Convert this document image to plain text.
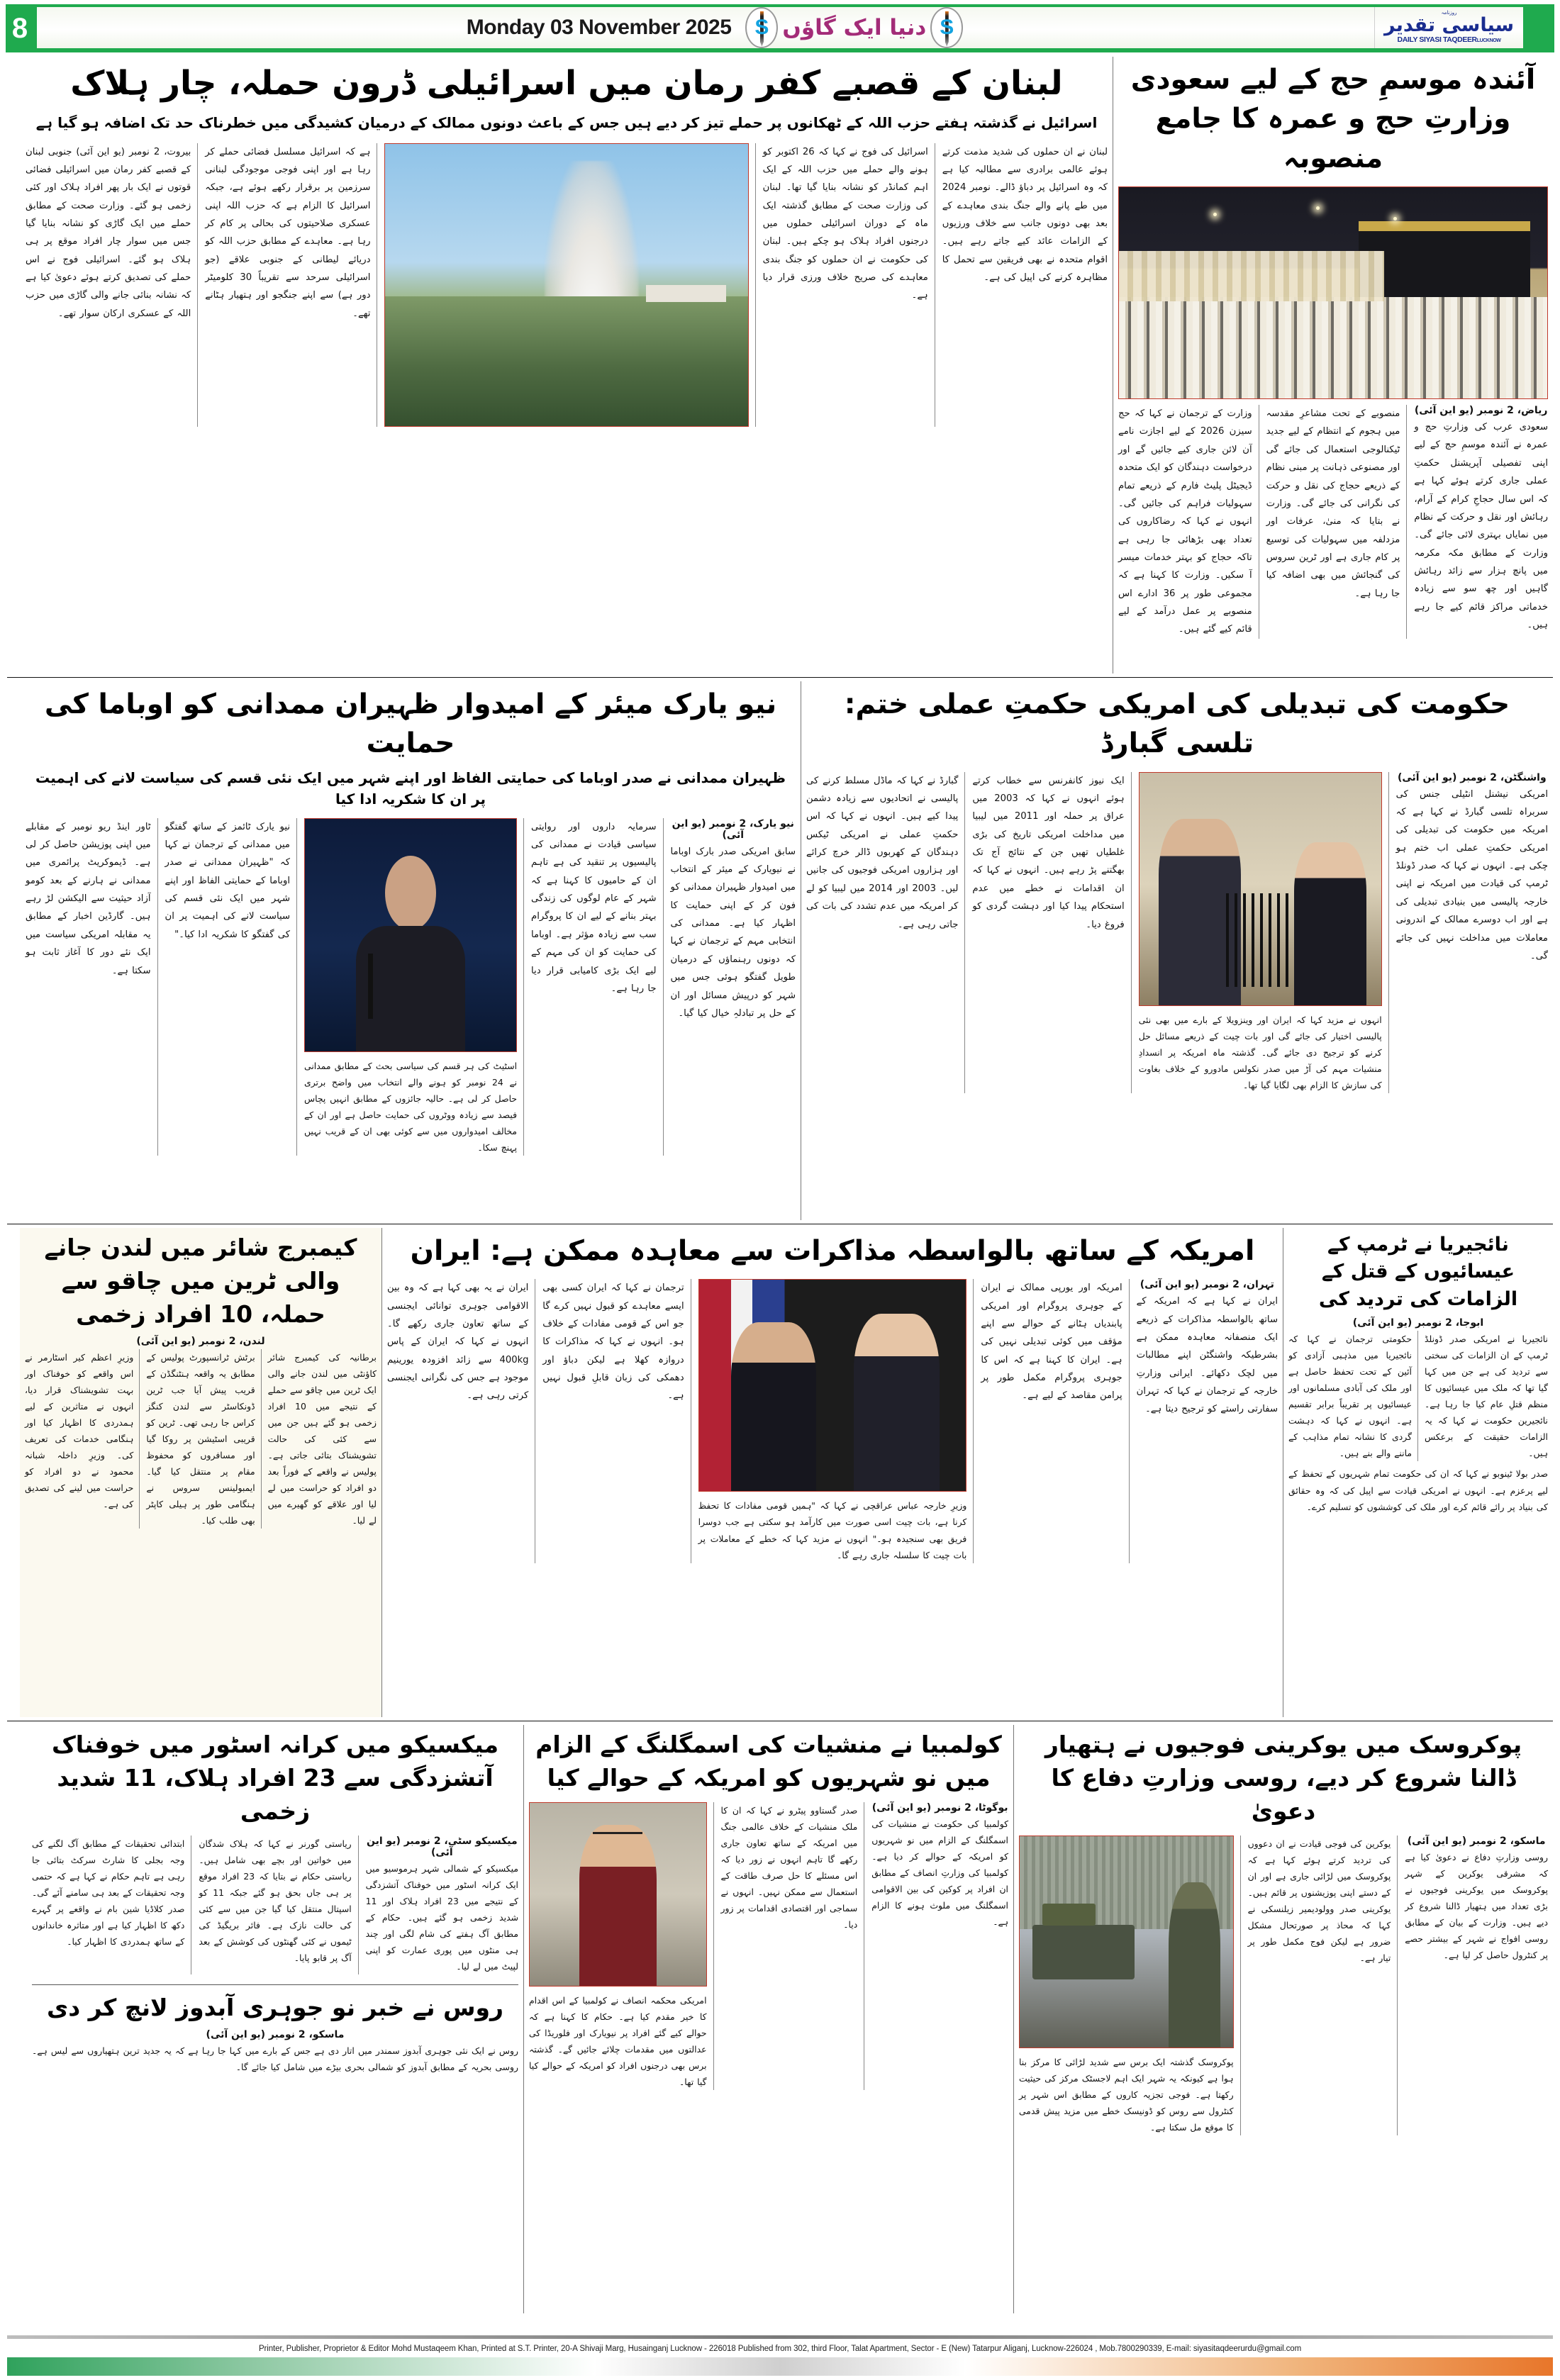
روزنامہ
سیاسی تقدیر
DAILY SIYASI TAQDEERLUCKNOW
S
دنیا ایک گاؤں
S
Monday 03 November 2025
8
آئندہ موسمِ حج کے لیے سعودی وزارتِ حج و عمرہ کا جامع منصوبہ
ریاض، 2 نومبر (یو این آئی)
سعودی عرب کی وزارتِ حج و عمرہ نے آئندہ موسمِ حج کے لیے اپنی تفصیلی آپریشنل حکمتِ عملی جاری کرتے ہوئے کہا ہے کہ اس سال حجاجِ کرام کے آرام، رہائش اور نقل و حرکت کے نظام میں نمایاں بہتری لائی جائے گی۔ وزارت کے مطابق مکہ مکرمہ میں پانچ ہزار سے زائد رہائش گاہیں اور چھ سو سے زیادہ خدماتی مراکز قائم کیے جا رہے ہیں۔
منصوبے کے تحت مشاعرِ مقدسہ میں ہجوم کے انتظام کے لیے جدید ٹیکنالوجی استعمال کی جائے گی اور مصنوعی ذہانت پر مبنی نظام کے ذریعے حجاج کی نقل و حرکت کی نگرانی کی جائے گی۔ وزارت نے بتایا کہ منیٰ، عرفات اور مزدلفہ میں سہولیات کی توسیع پر کام جاری ہے اور ٹرین سروس کی گنجائش میں بھی اضافہ کیا جا رہا ہے۔
وزارت کے ترجمان نے کہا کہ حج سیزن 2026 کے لیے اجازت نامے آن لائن جاری کیے جائیں گے اور درخواست دہندگان کو ایک متحدہ ڈیجیٹل پلیٹ فارم کے ذریعے تمام سہولیات فراہم کی جائیں گی۔ انہوں نے کہا کہ رضاکاروں کی تعداد بھی بڑھائی جا رہی ہے تاکہ حجاج کو بہتر خدمات میسر آ سکیں۔ وزارت کا کہنا ہے کہ مجموعی طور پر 36 ادارے اس منصوبے پر عمل درآمد کے لیے قائم کیے گئے ہیں۔
لبنان کے قصبے کفر رمان میں اسرائیلی ڈرون حملہ، چار ہلاک
اسرائیل نے گذشتہ ہفتے حزب اللہ کے ٹھکانوں پر حملے تیز کر دیے ہیں جس کے باعث دونوں ممالک کے درمیان کشیدگی میں خطرناک حد تک اضافہ ہو گیا ہے
لبنان نے ان حملوں کی شدید مذمت کرتے ہوئے عالمی برادری سے مطالبہ کیا ہے کہ وہ اسرائیل پر دباؤ ڈالے۔ نومبر 2024 میں طے پانے والے جنگ بندی معاہدے کے بعد بھی دونوں جانب سے خلاف ورزیوں کے الزامات عائد کیے جاتے رہے ہیں۔ اقوام متحدہ نے بھی فریقین سے تحمل کا مظاہرہ کرنے کی اپیل کی ہے۔
اسرائیل کی فوج نے کہا کہ 26 اکتوبر کو ہونے والے حملے میں حزب اللہ کے ایک اہم کمانڈر کو نشانہ بنایا گیا تھا۔ لبنان کی وزارت صحت کے مطابق گذشتہ ایک ماہ کے دوران اسرائیلی حملوں میں درجنوں افراد ہلاک ہو چکے ہیں۔ لبنان کی حکومت نے ان حملوں کو جنگ بندی معاہدے کی صریح خلاف ورزی قرار دیا ہے۔
ہے کہ اسرائیل مسلسل فضائی حملے کر رہا ہے اور اپنی فوجی موجودگی لبنانی سرزمین پر برقرار رکھے ہوئے ہے، جبکہ اسرائیل کا الزام ہے کہ حزب اللہ اپنی عسکری صلاحیتوں کی بحالی پر کام کر رہا ہے۔ معاہدے کے مطابق حزب اللہ کو دریائے لیطانی کے جنوبی علاقے (جو اسرائیلی سرحد سے تقریباً 30 کلومیٹر دور ہے) سے اپنے جنگجو اور ہتھیار ہٹانے تھے۔
بیروت، 2 نومبر (یو این آئی) جنوبی لبنان کے قصبے کفر رمان میں اسرائیلی فضائی قوتوں نے ایک بار پھر افراد ہلاک اور کئی زخمی ہو گئے۔ وزارت صحت کے مطابق حملے میں ایک گاڑی کو نشانہ بنایا گیا جس میں سوار چار افراد موقع پر ہی ہلاک ہو گئے۔ اسرائیلی فوج نے اس حملے کی تصدیق کرتے ہوئے دعویٰ کیا ہے کہ نشانہ بنائی جانے والی گاڑی میں حزب اللہ کے عسکری ارکان سوار تھے۔
حکومت کی تبدیلی کی امریکی حکمتِ عملی ختم: تلسی گبارڈ
واشنگٹن، 2 نومبر (یو این آئی)
امریکی نیشنل انٹیلی جنس کی سربراہ تلسی گبارڈ نے کہا ہے کہ امریکہ میں حکومت کی تبدیلی کی امریکی حکمتِ عملی اب ختم ہو چکی ہے۔ انہوں نے کہا کہ صدر ڈونلڈ ٹرمپ کی قیادت میں امریکہ نے اپنی خارجہ پالیسی میں بنیادی تبدیلی کی ہے اور اب دوسرے ممالک کے اندرونی معاملات میں مداخلت نہیں کی جائے گی۔
انہوں نے مزید کہا کہ ایران اور وینزویلا کے بارے میں بھی نئی پالیسی اختیار کی جائے گی اور بات چیت کے ذریعے مسائل حل کرنے کو ترجیح دی جائے گی۔ گذشتہ ماہ امریکہ پر انسدادِ منشیات مہم کی آڑ میں صدر نکولس مادورو کے خلاف بغاوت کی سازش کا الزام بھی لگایا گیا تھا۔
ایک نیوز کانفرنس سے خطاب کرتے ہوئے انہوں نے کہا کہ 2003 میں عراق پر حملہ اور 2011 میں لیبیا میں مداخلت امریکی تاریخ کی بڑی غلطیاں تھیں جن کے نتائج آج تک بھگتنے پڑ رہے ہیں۔ انہوں نے کہا کہ ان اقدامات نے خطے میں عدم استحکام پیدا کیا اور دہشت گردی کو فروغ دیا۔
گبارڈ نے کہا کہ ماڈل مسلط کرنے کی پالیسی نے اتحادیوں سے زیادہ دشمن پیدا کیے ہیں۔ انہوں نے کہا کہ اس حکمتِ عملی نے امریکی ٹیکس دہندگان کے کھربوں ڈالر خرچ کرائے اور ہزاروں امریکی فوجیوں کی جانیں لیں۔ 2003 اور 2014 میں لیبیا کو لے کر امریکہ میں عدم تشدد کی بات کی جاتی رہی ہے۔
نیو یارک میئر کے امیدوار ظہیران ممدانی کو اوباما کی حمایت
ظہیران ممدانی نے صدر اوباما کی حمایتی الفاظ اور اپنے شہر میں ایک نئی قسم کی سیاست لانے کی اہمیت پر ان کا شکریہ ادا کیا
نیو یارک، 2 نومبر (یو این آئی)
سابق امریکی صدر بارک اوباما نے نیویارک کے میئر کے انتخاب میں امیدوار ظہیران ممدانی کو فون کر کے اپنی حمایت کا اظہار کیا ہے۔ ممدانی کی انتخابی مہم کے ترجمان نے کہا کہ دونوں رہنماؤں کے درمیان طویل گفتگو ہوئی جس میں شہر کو درپیش مسائل اور ان کے حل پر تبادلہِ خیال کیا گیا۔
سرمایہ داروں اور روایتی سیاسی قیادت نے ممدانی کی پالیسیوں پر تنقید کی ہے تاہم ان کے حامیوں کا کہنا ہے کہ شہر کے عام لوگوں کی زندگی بہتر بنانے کے لیے ان کا پروگرام سب سے زیادہ مؤثر ہے۔ اوباما کی حمایت کو ان کی مہم کے لیے ایک بڑی کامیابی قرار دیا جا رہا ہے۔
اسٹیٹ کی ہر قسم کی سیاسی بحث کے مطابق ممدانی نے 24 نومبر کو ہونے والے انتخاب میں واضح برتری حاصل کر لی ہے۔ حالیہ جائزوں کے مطابق انہیں پچاس فیصد سے زیادہ ووٹروں کی حمایت حاصل ہے اور ان کے مخالف امیدواروں میں سے کوئی بھی ان کے قریب نہیں پہنچ سکا۔
نیو یارک ٹائمز کے ساتھ گفتگو میں ممدانی کے ترجمان نے کہا کہ "ظہیران ممدانی نے صدر اوباما کے حمایتی الفاظ اور اپنے شہر میں ایک نئی قسم کی سیاست لانے کی اہمیت پر ان کی گفتگو کا شکریہ ادا کیا۔"
ٹاور اینڈ ریو نومبر کے مقابلے میں اپنی پوزیشن حاصل کر لی ہے۔ ڈیموکریٹ پرائمری میں ممدانی نے ہارنے کے بعد کومو آزاد حیثیت سے الیکشن لڑ رہے ہیں۔ گارڈین اخبار کے مطابق یہ مقابلہ امریکی سیاست میں ایک نئے دور کا آغاز ثابت ہو سکتا ہے۔
نائجیریا نے ٹرمپ کے عیسائیوں کے قتل کے الزامات کی تردید کی
ابوجا، 2 نومبر (یو این آئی)
نائجیریا نے امریکی صدر ڈونلڈ ٹرمپ کے ان الزامات کی سختی سے تردید کی ہے جن میں کہا گیا تھا کہ ملک میں عیسائیوں کا منظم قتلِ عام کیا جا رہا ہے۔ نائجیرین حکومت نے کہا کہ یہ الزامات حقیقت کے برعکس ہیں۔
حکومتی ترجمان نے کہا کہ نائجیریا میں مذہبی آزادی کو آئین کے تحت تحفظ حاصل ہے اور ملک کی آبادی مسلمانوں اور عیسائیوں پر تقریباً برابر تقسیم ہے۔ انہوں نے کہا کہ دہشت گردی کا نشانہ تمام مذاہب کے ماننے والے بنے ہیں۔
صدر بولا ٹینوبو نے کہا کہ ان کی حکومت تمام شہریوں کے تحفظ کے لیے پرعزم ہے۔ انہوں نے امریکی قیادت سے اپیل کی کہ وہ حقائق کی بنیاد پر رائے قائم کرے اور ملک کی کوششوں کو تسلیم کرے۔
امریکہ کے ساتھ بالواسطہ مذاکرات سے معاہدہ ممکن ہے: ایران
تہران، 2 نومبر (یو این آئی)
ایران نے کہا ہے کہ امریکہ کے ساتھ بالواسطہ مذاکرات کے ذریعے ایک منصفانہ معاہدہ ممکن ہے بشرطیکہ واشنگٹن اپنے مطالبات میں لچک دکھائے۔ ایرانی وزارتِ خارجہ کے ترجمان نے کہا کہ تہران سفارتی راستے کو ترجیح دیتا ہے۔
امریکہ اور یورپی ممالک نے ایران کے جوہری پروگرام اور امریکی پابندیاں ہٹانے کے حوالے سے اپنے مؤقف میں کوئی تبدیلی نہیں کی ہے۔ ایران کا کہنا ہے کہ اس کا جوہری پروگرام مکمل طور پر پرامن مقاصد کے لیے ہے۔
وزیرِ خارجہ عباس عراقچی نے کہا کہ "ہمیں قومی مفادات کا تحفظ کرنا ہے، بات چیت اسی صورت میں کارآمد ہو سکتی ہے جب دوسرا فریق بھی سنجیدہ ہو۔" انہوں نے مزید کہا کہ خطے کے معاملات پر بات چیت کا سلسلہ جاری رہے گا۔
ترجمان نے کہا کہ ایران کسی بھی ایسے معاہدے کو قبول نہیں کرے گا جو اس کے قومی مفادات کے خلاف ہو۔ انہوں نے کہا کہ مذاکرات کا دروازہ کھلا ہے لیکن دباؤ اور دھمکی کی زبان قابلِ قبول نہیں ہے۔
ایران نے یہ بھی کہا ہے کہ وہ بین الاقوامی جوہری توانائی ایجنسی کے ساتھ تعاون جاری رکھے گا۔ انہوں نے کہا کہ ایران کے پاس 400kg سے زائد افزودہ یورینیم موجود ہے جس کی نگرانی ایجنسی کرتی رہی ہے۔
کیمبرج شائر میں لندن جانے والی ٹرین میں چاقو سے حملہ، 10 افراد زخمی
لندن، 2 نومبر (یو این آئی)
برطانیہ کی کیمبرج شائر کاؤنٹی میں لندن جانے والی ایک ٹرین میں چاقو سے حملے کے نتیجے میں 10 افراد زخمی ہو گئے ہیں جن میں سے کئی کی حالت تشویشناک بتائی جاتی ہے۔ پولیس نے واقعے کے فوراً بعد دو افراد کو حراست میں لے لیا اور علاقے کو گھیرے میں لے لیا۔
برٹش ٹرانسپورٹ پولیس کے مطابق یہ واقعہ ہنٹنگڈن کے قریب پیش آیا جب ٹرین ڈونکاسٹر سے لندن کنگز کراس جا رہی تھی۔ ٹرین کو قریبی اسٹیشن پر روکا گیا اور مسافروں کو محفوظ مقام پر منتقل کیا گیا۔ ایمبولینس سروس نے ہنگامی طور پر ہیلی کاپٹر بھی طلب کیا۔
وزیرِ اعظم کیر اسٹارمر نے اس واقعے کو خوفناک اور بہت تشویشناک قرار دیا، انہوں نے متاثرین کے لیے ہمدردی کا اظہار کیا اور ہنگامی خدمات کی تعریف کی۔ وزیرِ داخلہ شبانہ محمود نے دو افراد کو حراست میں لینے کی تصدیق کی ہے۔
پوکروسک میں یوکرینی فوجیوں نے ہتھیار ڈالنا شروع کر دیے، روسی وزارتِ دفاع کا دعویٰ
ماسکو، 2 نومبر (یو این آئی)
روسی وزارتِ دفاع نے دعویٰ کیا ہے کہ مشرقی یوکرین کے شہر پوکروسک میں یوکرینی فوجیوں نے بڑی تعداد میں ہتھیار ڈالنا شروع کر دیے ہیں۔ وزارت کے بیان کے مطابق روسی افواج نے شہر کے بیشتر حصے پر کنٹرول حاصل کر لیا ہے۔
یوکرین کی فوجی قیادت نے ان دعووں کی تردید کرتے ہوئے کہا ہے کہ پوکروسک میں لڑائی جاری ہے اور ان کے دستے اپنی پوزیشنوں پر قائم ہیں۔ یوکرینی صدر وولودیمیر زیلنسکی نے کہا کہ محاذ پر صورتحال مشکل ضرور ہے لیکن فوج مکمل طور پر تیار ہے۔
پوکروسک گذشتہ ایک برس سے شدید لڑائی کا مرکز بنا ہوا ہے کیونکہ یہ شہر ایک اہم لاجسٹک مرکز کی حیثیت رکھتا ہے۔ فوجی تجزیہ کاروں کے مطابق اس شہر پر کنٹرول سے روس کو ڈونیسک خطے میں مزید پیش قدمی کا موقع مل سکتا ہے۔
کولمبیا نے منشیات کی اسمگلنگ کے الزام میں نو شہریوں کو امریکہ کے حوالے کیا
بوگوٹا، 2 نومبر (یو این آئی)
کولمبیا کی حکومت نے منشیات کی اسمگلنگ کے الزام میں نو شہریوں کو امریکہ کے حوالے کر دیا ہے۔ کولمبیا کی وزارتِ انصاف کے مطابق ان افراد پر کوکین کی بین الاقوامی اسمگلنگ میں ملوث ہونے کا الزام ہے۔
صدر گستاوو پیٹرو نے کہا کہ ان کا ملک منشیات کے خلاف عالمی جنگ میں امریکہ کے ساتھ تعاون جاری رکھے گا تاہم انہوں نے زور دیا کہ اس مسئلے کا حل صرف طاقت کے استعمال سے ممکن نہیں۔ انہوں نے سماجی اور اقتصادی اقدامات پر زور دیا۔
امریکی محکمہ انصاف نے کولمبیا کے اس اقدام کا خیر مقدم کیا ہے۔ حکام کا کہنا ہے کہ حوالے کیے گئے افراد پر نیویارک اور فلوریڈا کی عدالتوں میں مقدمات چلائے جائیں گے۔ گذشتہ برس بھی درجنوں افراد کو امریکہ کے حوالے کیا گیا تھا۔
میکسیکو میں کرانہ اسٹور میں خوفناک آتشزدگی سے 23 افراد ہلاک، 11 شدید زخمی
میکسیکو سٹی، 2 نومبر (یو این آئی)
میکسیکو کے شمالی شہر ہرموسیو میں ایک کرانہ اسٹور میں خوفناک آتشزدگی کے نتیجے میں 23 افراد ہلاک اور 11 شدید زخمی ہو گئے ہیں۔ حکام کے مطابق آگ ہفتے کی شام لگی اور چند ہی منٹوں میں پوری عمارت کو اپنی لپیٹ میں لے لیا۔
ریاستی گورنر نے کہا کہ ہلاک شدگان میں خواتین اور بچے بھی شامل ہیں۔ ریاستی حکام نے بتایا کہ 23 افراد موقع پر ہی جاں بحق ہو گئے جبکہ 11 کو اسپتال منتقل کیا گیا جن میں سے کئی کی حالت نازک ہے۔ فائر بریگیڈ کی ٹیموں نے کئی گھنٹوں کی کوشش کے بعد آگ پر قابو پایا۔
ابتدائی تحقیقات کے مطابق آگ لگنے کی وجہ بجلی کا شارٹ سرکٹ بتائی جا رہی ہے تاہم حکام نے کہا ہے کہ حتمی وجہ تحقیقات کے بعد ہی سامنے آئے گی۔ صدر کلاڈیا شین بام نے واقعے پر گہرے دکھ کا اظہار کیا ہے اور متاثرہ خاندانوں کے ساتھ ہمدردی کا اظہار کیا۔
روس نے خبر نو جوہری آبدوز لانچ کر دی
ماسکو، 2 نومبر (یو این آئی)
روس نے ایک نئی جوہری آبدوز سمندر میں اتار دی ہے جس کے بارے میں کہا جا رہا ہے کہ یہ جدید ترین ہتھیاروں سے لیس ہے۔ روسی بحریہ کے مطابق آبدوز کو شمالی بحری بیڑے میں شامل کیا جائے گا۔
Printer, Publisher, Proprietor & Editor Mohd Mustaqeem Khan, Printed at S.T. Printer, 20-A Shivaji Marg, Husainganj Lucknow - 226018 Published from 302, third Floor, Talat Apartment, Sector - E (New) Tatarpur Aliganj, Lucknow-226024 , Mob.7800290339, E-mail: siyasitaqdeerurdu@gmail.com
